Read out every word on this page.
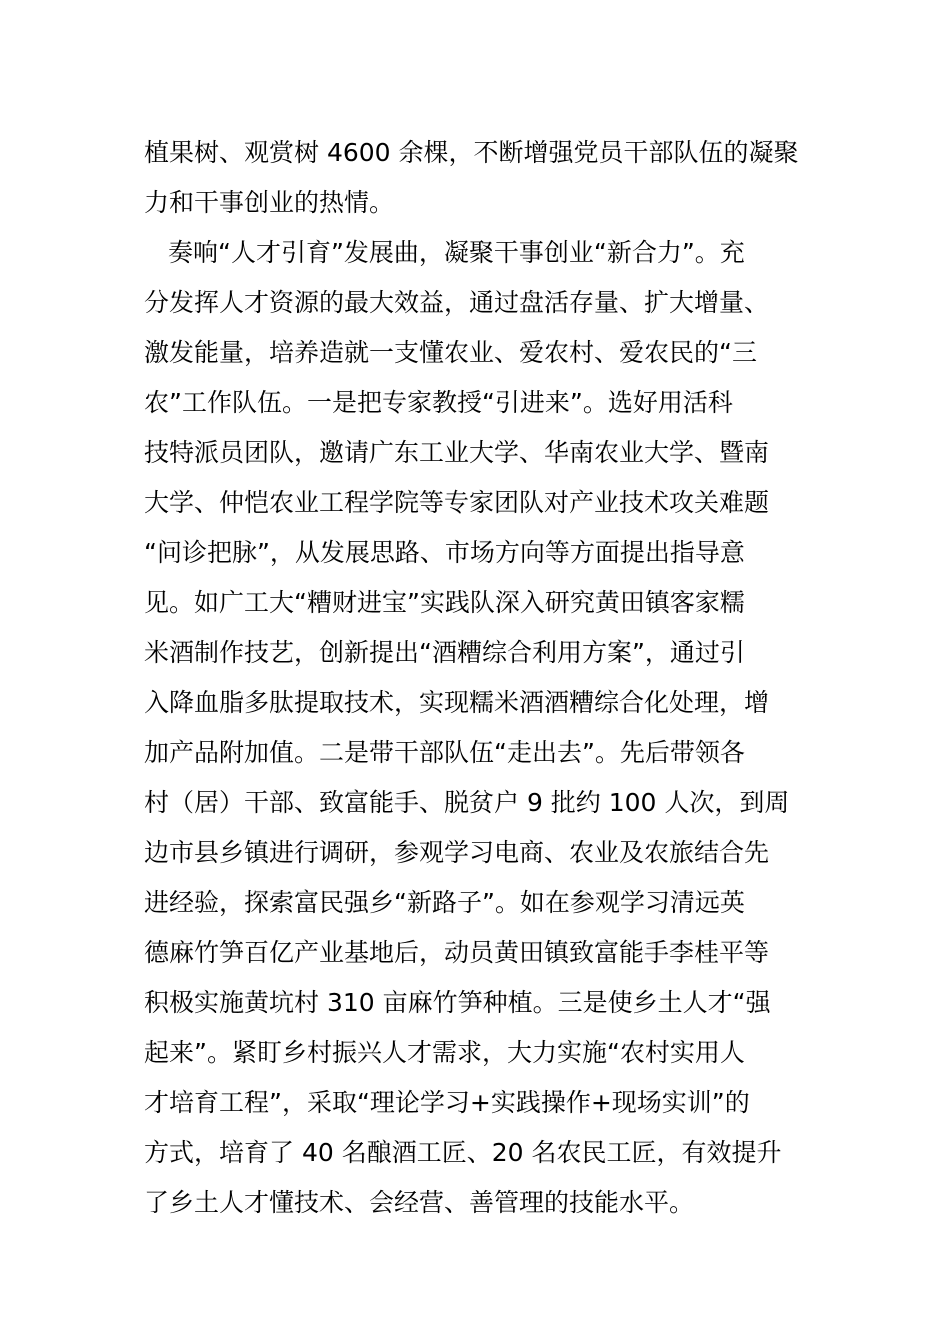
植果树、观赏树 4600 余棵，不断增强党员干部队伍的凝聚
力和干事创业的热情。
奏响“人才引育”发展曲，凝聚干事创业“新合力”。充
分发挥人才资源的最大效益，通过盘活存量、扩大增量、
激发能量，培养造就一支懂农业、爱农村、爱农民的“三
农”工作队伍。一是把专家教授“引进来”。选好用活科
技特派员团队，邀请广东工业大学、华南农业大学、暨南
大学、仲恺农业工程学院等专家团队对产业技术攻关难题
“问诊把脉”，从发展思路、市场方向等方面提出指导意
见。如广工大“糟财进宝”实践队深入研究黄田镇客家糯
米酒制作技艺，创新提出“酒糟综合利用方案”，通过引
入降血脂多肽提取技术，实现糯米酒酒糟综合化处理，增
加产品附加值。二是带干部队伍“走出去”。先后带领各
村（居）干部、致富能手、脱贫户 9 批约 100 人次，到周
边市县乡镇进行调研，参观学习电商、农业及农旅结合先
进经验，探索富民强乡“新路子”。如在参观学习清远英
德麻竹笋百亿产业基地后，动员黄田镇致富能手李桂平等
积极实施黄坑村 310 亩麻竹笋种植。三是使乡土人才“强
起来”。紧盯乡村振兴人才需求，大力实施“农村实用人
才培育工程”，采取“理论学习+实践操作+现场实训”的
方式，培育了 40 名酿酒工匠、20 名农民工匠，有效提升
了乡土人才懂技术、会经营、善管理的技能水平。
